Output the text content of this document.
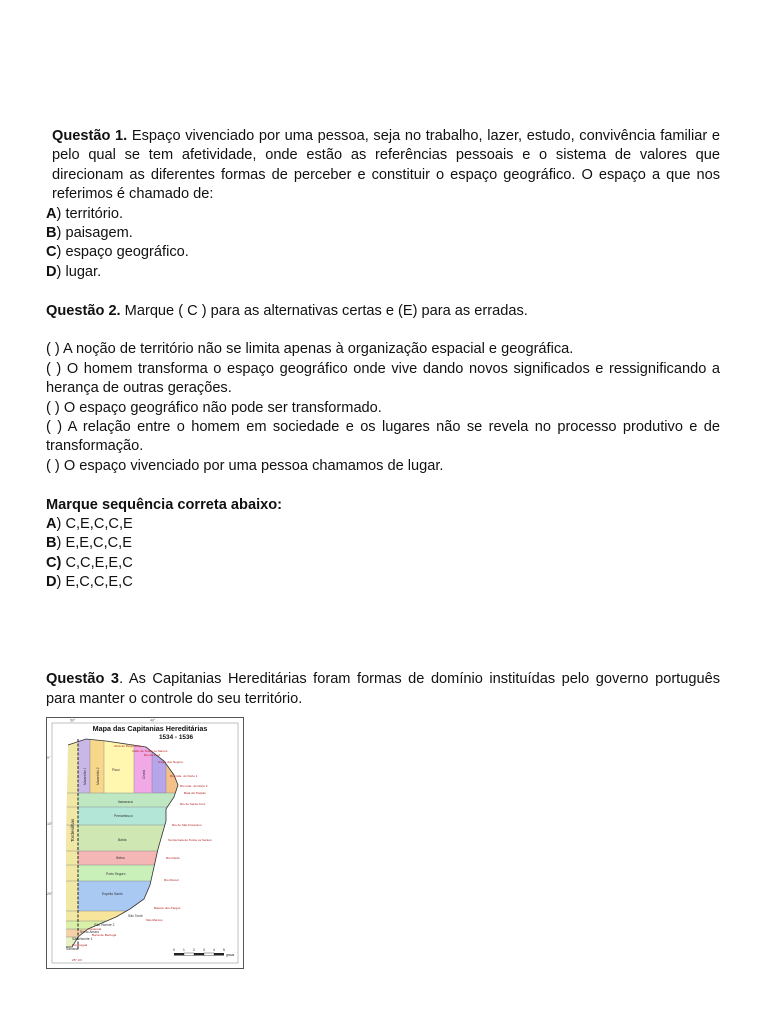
Questão 1. Espaço vivenciado por uma pessoa, seja no trabalho, lazer, estudo, convivência familiar e pelo qual se tem afetividade, onde estão as referências pessoais e o sistema de valores que direcionam as diferentes formas de perceber e constituir o espaço geográfico. O espaço a que nos referimos é chamado de:

A) território.

B) paisagem.

C) espaço geográfico.

D) lugar.

Questão 2. Marque ( C ) para as alternativas certas e (E) para as erradas.

( ) A noção de território não se limita apenas à organização espacial e geográfica.

( ) O homem transforma o espaço geográfico onde vive dando novos significados e ressignificando a herança de outras gerações.

( ) O espaço geográfico não pode ser transformado.

( ) A relação entre o homem em sociedade e os lugares não se revela no processo produtivo e de transformação.

( ) O espaço vivenciado por uma pessoa chamamos de lugar.

Marque sequência correta abaixo:

A) C,E,C,C,E

B) E,E,C,C,E

C) C,C,E,E,C

D) E,C,C,E,C

Questão 3. As Capitanias Hereditárias foram formas de domínio instituídas pelo governo português para manter o controle do seu território.

Mapa das Capitanias Hereditárias
1534 - 1536
50°	40°
0°
10°
20°
Tordesilhas
Maranhão 1	Maranhão 2	Piauí
Ceará
Itamaracá
Pernambuco
Bahia
Ilhéus
Porto Seguro
Espírito Santo
São Tomé
São Vicente 2
Santo Amaro
São Vicente 1
Santana
Abra de Diogo Leite
Cabo de Todos os Santos
Rio da Cruz
Angra dos Negros
Rio Gde. do Norte 1
Rio Gde. do Norte 2
Baía da Traição
Rio de Santa Cruz
Rio de São Francisco
Sul da baía de Todos os Santos
Rio Pardo
Rio Mucuri
Baixios dos Pargos
São Marcos
Barra de Bertioga
Cananéia
Paranaguá
28° 1/3
0 1 2 3 4 5
graus
